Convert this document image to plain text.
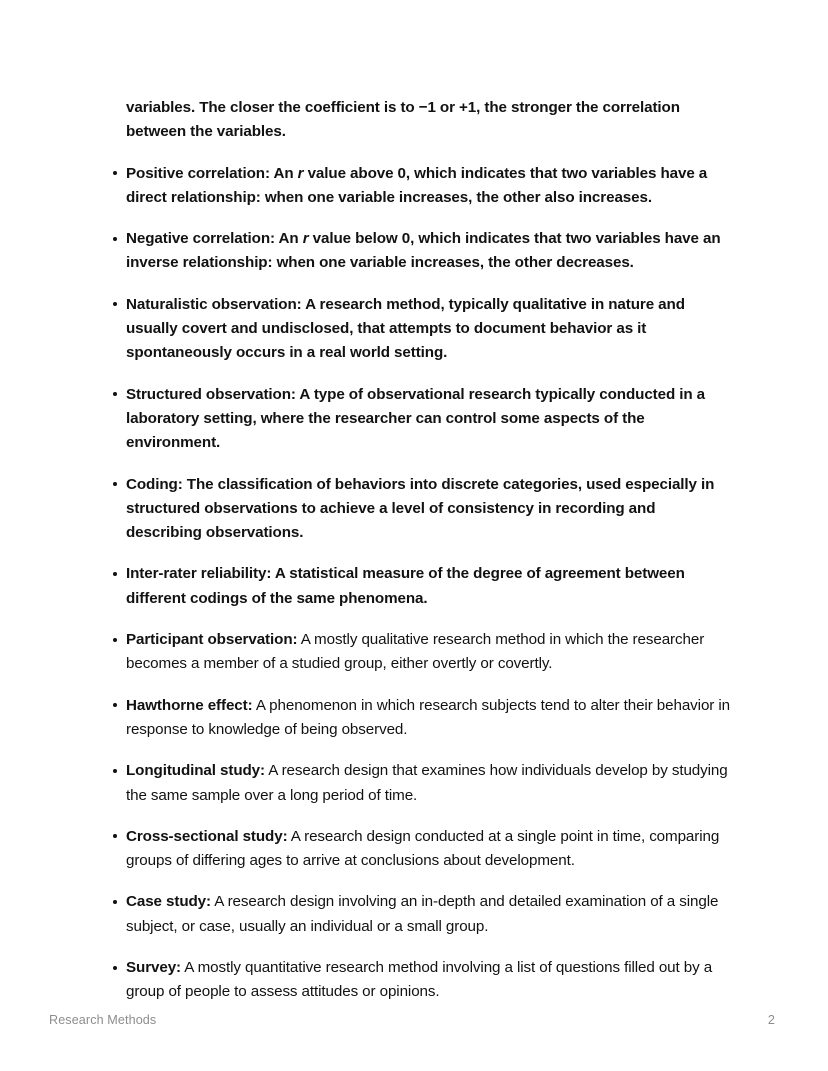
variables. The closer the coefficient is to −1 or +1, the stronger the correlation between the variables.

Positive correlation: An r value above 0, which indicates that two variables have a direct relationship: when one variable increases, the other also increases.
Negative correlation: An r value below 0, which indicates that two variables have an inverse relationship: when one variable increases, the other decreases.
Naturalistic observation: A research method, typically qualitative in nature and usually covert and undisclosed, that attempts to document behavior as it spontaneously occurs in a real world setting.
Structured observation: A type of observational research typically conducted in a laboratory setting, where the researcher can control some aspects of the environment.
Coding: The classification of behaviors into discrete categories, used especially in structured observations to achieve a level of consistency in recording and describing observations.
Inter-rater reliability: A statistical measure of the degree of agreement between different codings of the same phenomena.
Participant observation: A mostly qualitative research method in which the researcher becomes a member of a studied group, either overtly or covertly.
Hawthorne effect: A phenomenon in which research subjects tend to alter their behavior in response to knowledge of being observed.
Longitudinal study: A research design that examines how individuals develop by studying the same sample over a long period of time.
Cross-sectional study: A research design conducted at a single point in time, comparing groups of differing ages to arrive at conclusions about development.
Case study: A research design involving an in-depth and detailed examination of a single subject, or case, usually an individual or a small group.
Survey: A mostly quantitative research method involving a list of questions filled out by a group of people to assess attitudes or opinions.
Research Methods	2
